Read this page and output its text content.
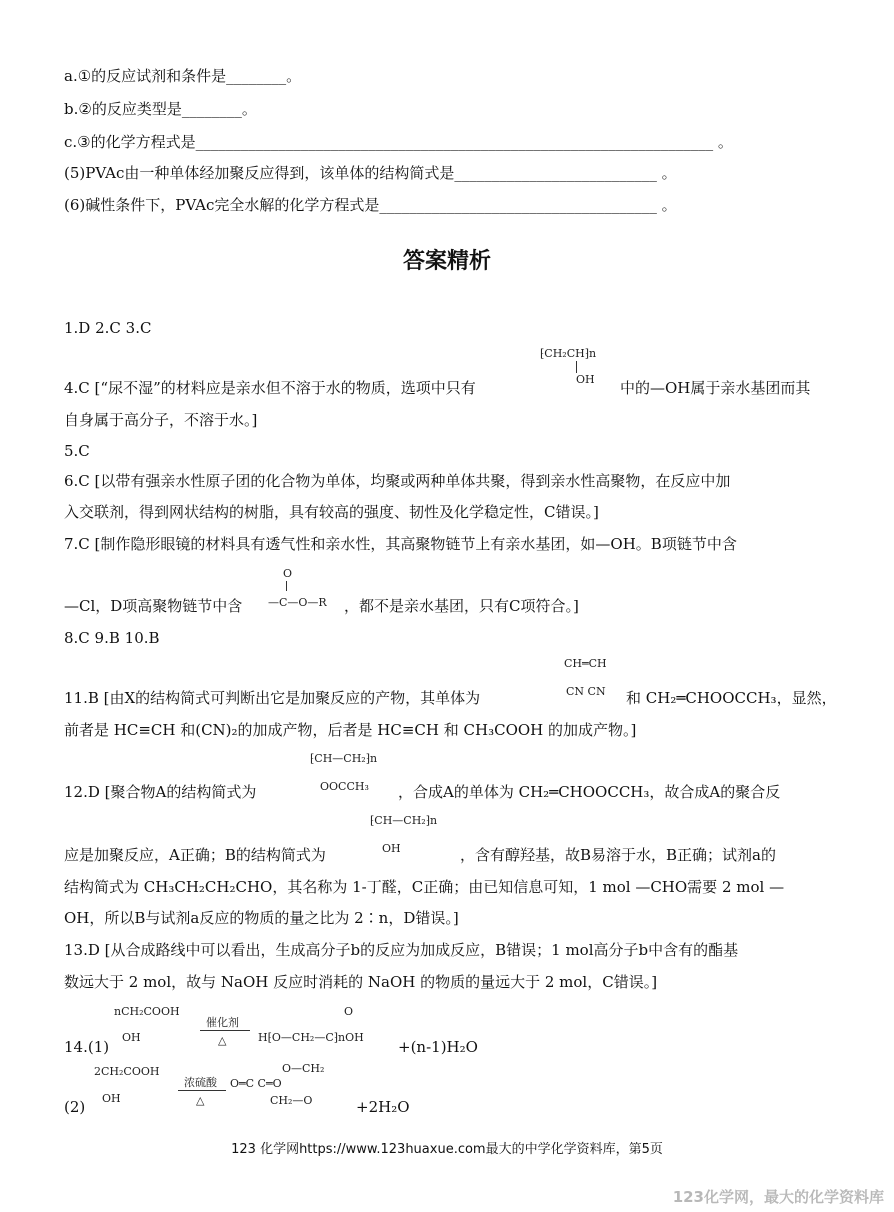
a.①的反应试剂和条件是________。
b.②的反应类型是________。
c.③的化学方程式是_____________________________________________________________________ 。
(5)PVAc由一种单体经加聚反应得到，该单体的结构简式是___________________________ 。
(6)碱性条件下，PVAc完全水解的化学方程式是_____________________________________ 。
答案精析
1.D 2.C 3.C
⁅CH₂CH⁆n
OH
4.C [“尿不湿”的材料应是亲水但不溶于水的物质，选项中只有	中的—OH属于亲水基团而其
自身属于高分子，不溶于水。]
5.C
6.C [以带有强亲水性原子团的化合物为单体，均聚或两种单体共聚，得到亲水性高聚物，在反应中加
入交联剂，得到网状结构的树脂，具有较高的强度、韧性及化学稳定性，C错误。]
7.C [制作隐形眼镜的材料具有透气性和亲水性，其高聚物链节上有亲水基团，如—OH。B项链节中含
O
—C—O—R
—Cl，D项高聚物链节中含	，都不是亲水基团，只有C项符合。]
8.C 9.B 10.B
CH═CH
CN CN
11.B [由X的结构简式可判断出它是加聚反应的产物，其单体为	和 CH₂═CHOOCCH₃，显然，
前者是 HC≡CH 和(CN)₂的加成产物，后者是 HC≡CH 和 CH₃COOH 的加成产物。]
⁅CH—CH₂⁆n
OOCCH₃
12.D [聚合物A的结构简式为	，合成A的单体为 CH₂═CHOOCCH₃，故合成A的聚合反
⁅CH—CH₂⁆n
OH
应是加聚反应，A正确；B的结构简式为	，含有醇羟基，故B易溶于水，B正确；试剂a的
结构简式为 CH₃CH₂CH₂CHO，其名称为 1-丁醛，C正确；由已知信息可知，1 mol —CHO需要 2 mol —
OH，所以B与试剂a反应的物质的量之比为 2∶n，D错误。]
13.D [从合成路线中可以看出，生成高分子b的反应为加成反应，B错误；1 mol高分子b中含有的酯基
数远大于 2 mol，故与 NaOH 反应时消耗的 NaOH 的物质的量远大于 2 mol，C错误。]
nCH₂COOH
OH
催化剂
△
O
H⁅O—CH₂—C⁆nOH
14.(1)	+(n-1)H₂O
2CH₂COOH
OH
浓硫酸
△
O—CH₂
O═C C═O
CH₂—O
(2)	+2H₂O
123 化学网https://www.123huaxue.com最大的中学化学资料库，第5页
123化学网，最大的化学资料库
